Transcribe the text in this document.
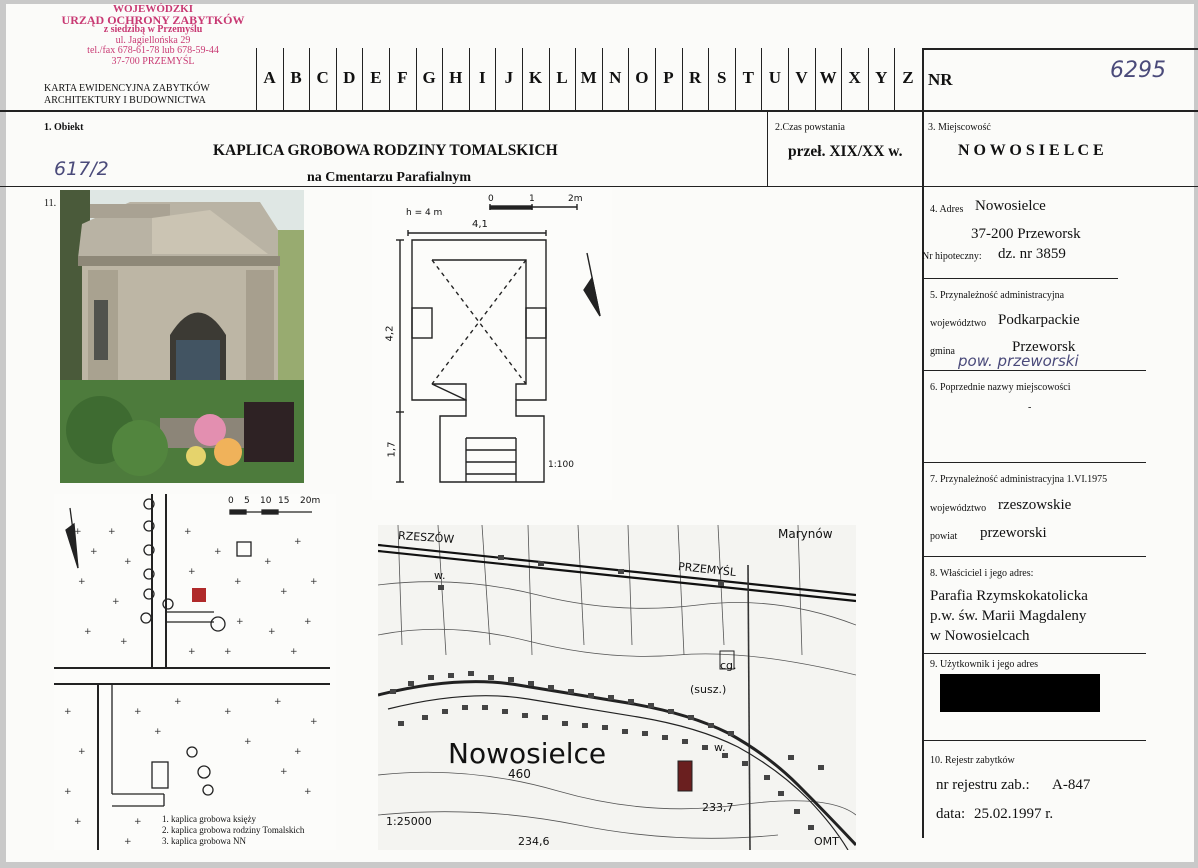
WOJEWÓDZKI
URZĄD OCHRONY ZABYTKÓW
z siedzibą w Przemyślu
ul. Jagiellońska 29
tel./fax 678-61-78 lub 678-59-44
37-700 PRZEMYŚL
KARTA EWIDENCYJNA ZABYTKÓW
ARCHITEKTURY I BUDOWNICTWA
A B C D E F G H I	J K L M N O P R S T U V W X Y Z NR	6295
1. Obiekt
KAPLICA GROBOWA RODZINY TOMALSKICH
na Cmentarzu Parafialnym
617/2
2.Czas powstania
przeł. XIX/XX w.
3. Miejscowość
N O W O S I E L C E
4. Adres Nowosielce
37-200 Przeworsk
Nr hipoteczny: dz. nr 3859
5. Przynależność administracyjna
województwo Podkarpackie
gmina	Przeworsk
pow. przeworski
6. Poprzednie nazwy miejscowości
-
7. Przynależność administracyjna 1.VI.1975
województwo rzeszowskie
powiat przeworski
8. Właściciel i jego adres:
Parafia Rzymskokatolicka
p.w. św. Marii Magdaleny
w Nowosielcach
9. Użytkownik i jego adres
10. Rejestr zabytków
nr rejestru zab.: A-847
data: 25.02.1997 r.
11.
h = 4 m
0	1	2m
4,1
4,2
1,7
1:100
+	+
+
+
+
+
+
+
+
+
+
+
+
+
+
+
+
+
+
+	+	+
+
+
+
+
+
+
+
+
+
+
+
+
+
+
+
+
0 5 10 15 20m
1. kaplica grobowa księży
2. kaplica grobowa rodziny Tomalskich
3. kaplica grobowa NN
Nowosielce
Marynów
RZESZÓW
PRZEMYŚL
1:25000
460
233,7
234,6
cg.
(susz.)
w.
w.
OMT
